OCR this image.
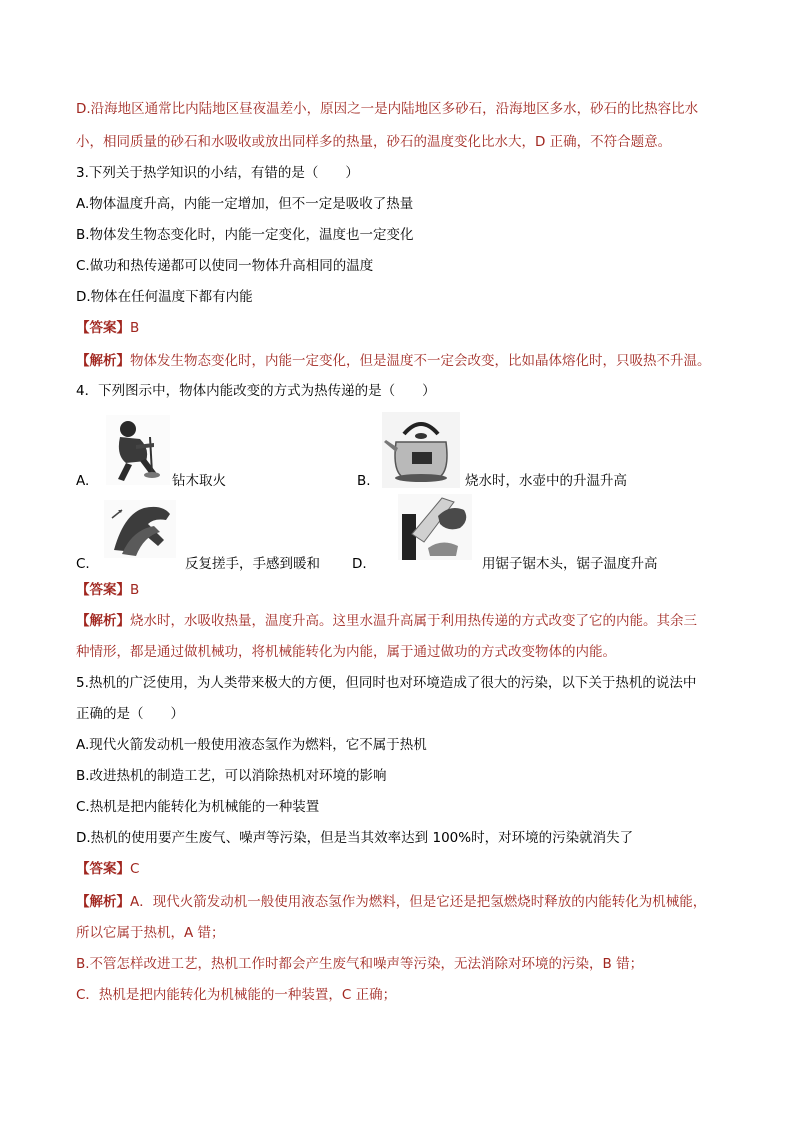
D.沿海地区通常比内陆地区昼夜温差小，原因之一是内陆地区多砂石，沿海地区多水，砂石的比热容比水
小，相同质量的砂石和水吸收或放出同样多的热量，砂石的温度变化比水大，D 正确，不符合题意。
3.下列关于热学知识的小结，有错的是（　　）
A.物体温度升高，内能一定增加，但不一定是吸收了热量
B.物体发生物态变化时，内能一定变化，温度也一定变化
C.做功和热传递都可以使同一物体升高相同的温度
D.物体在任何温度下都有内能
【答案】B
【解析】物体发生物态变化时，内能一定变化，但是温度不一定会改变，比如晶体熔化时，只吸热不升温。
4．下列图示中，物体内能改变的方式为热传递的是（　　）
A.	钻木取火	B.	烧水时，水壶中的升温升高
C.	反复搓手，手感到暖和 D.	用锯子锯木头，锯子温度升高
【答案】B
【解析】烧水时，水吸收热量，温度升高。这里水温升高属于利用热传递的方式改变了它的内能。其余三
种情形，都是通过做机械功，将机械能转化为内能，属于通过做功的方式改变物体的内能。
5.热机的广泛使用，为人类带来极大的方便，但同时也对环境造成了很大的污染，以下关于热机的说法中
正确的是（　　）
A.现代火箭发动机一般使用液态氢作为燃料，它不属于热机
B.改进热机的制造工艺，可以消除热机对环境的影响
C.热机是把内能转化为机械能的一种装置
D.热机的使用要产生废气、噪声等污染，但是当其效率达到 100%时，对环境的污染就消失了
【答案】C
【解析】A．现代火箭发动机一般使用液态氢作为燃料，但是它还是把氢燃烧时释放的内能转化为机械能，
所以它属于热机，A 错；
B.不管怎样改进工艺，热机工作时都会产生废气和噪声等污染，无法消除对环境的污染，B 错；
C．热机是把内能转化为机械能的一种装置，C 正确；
